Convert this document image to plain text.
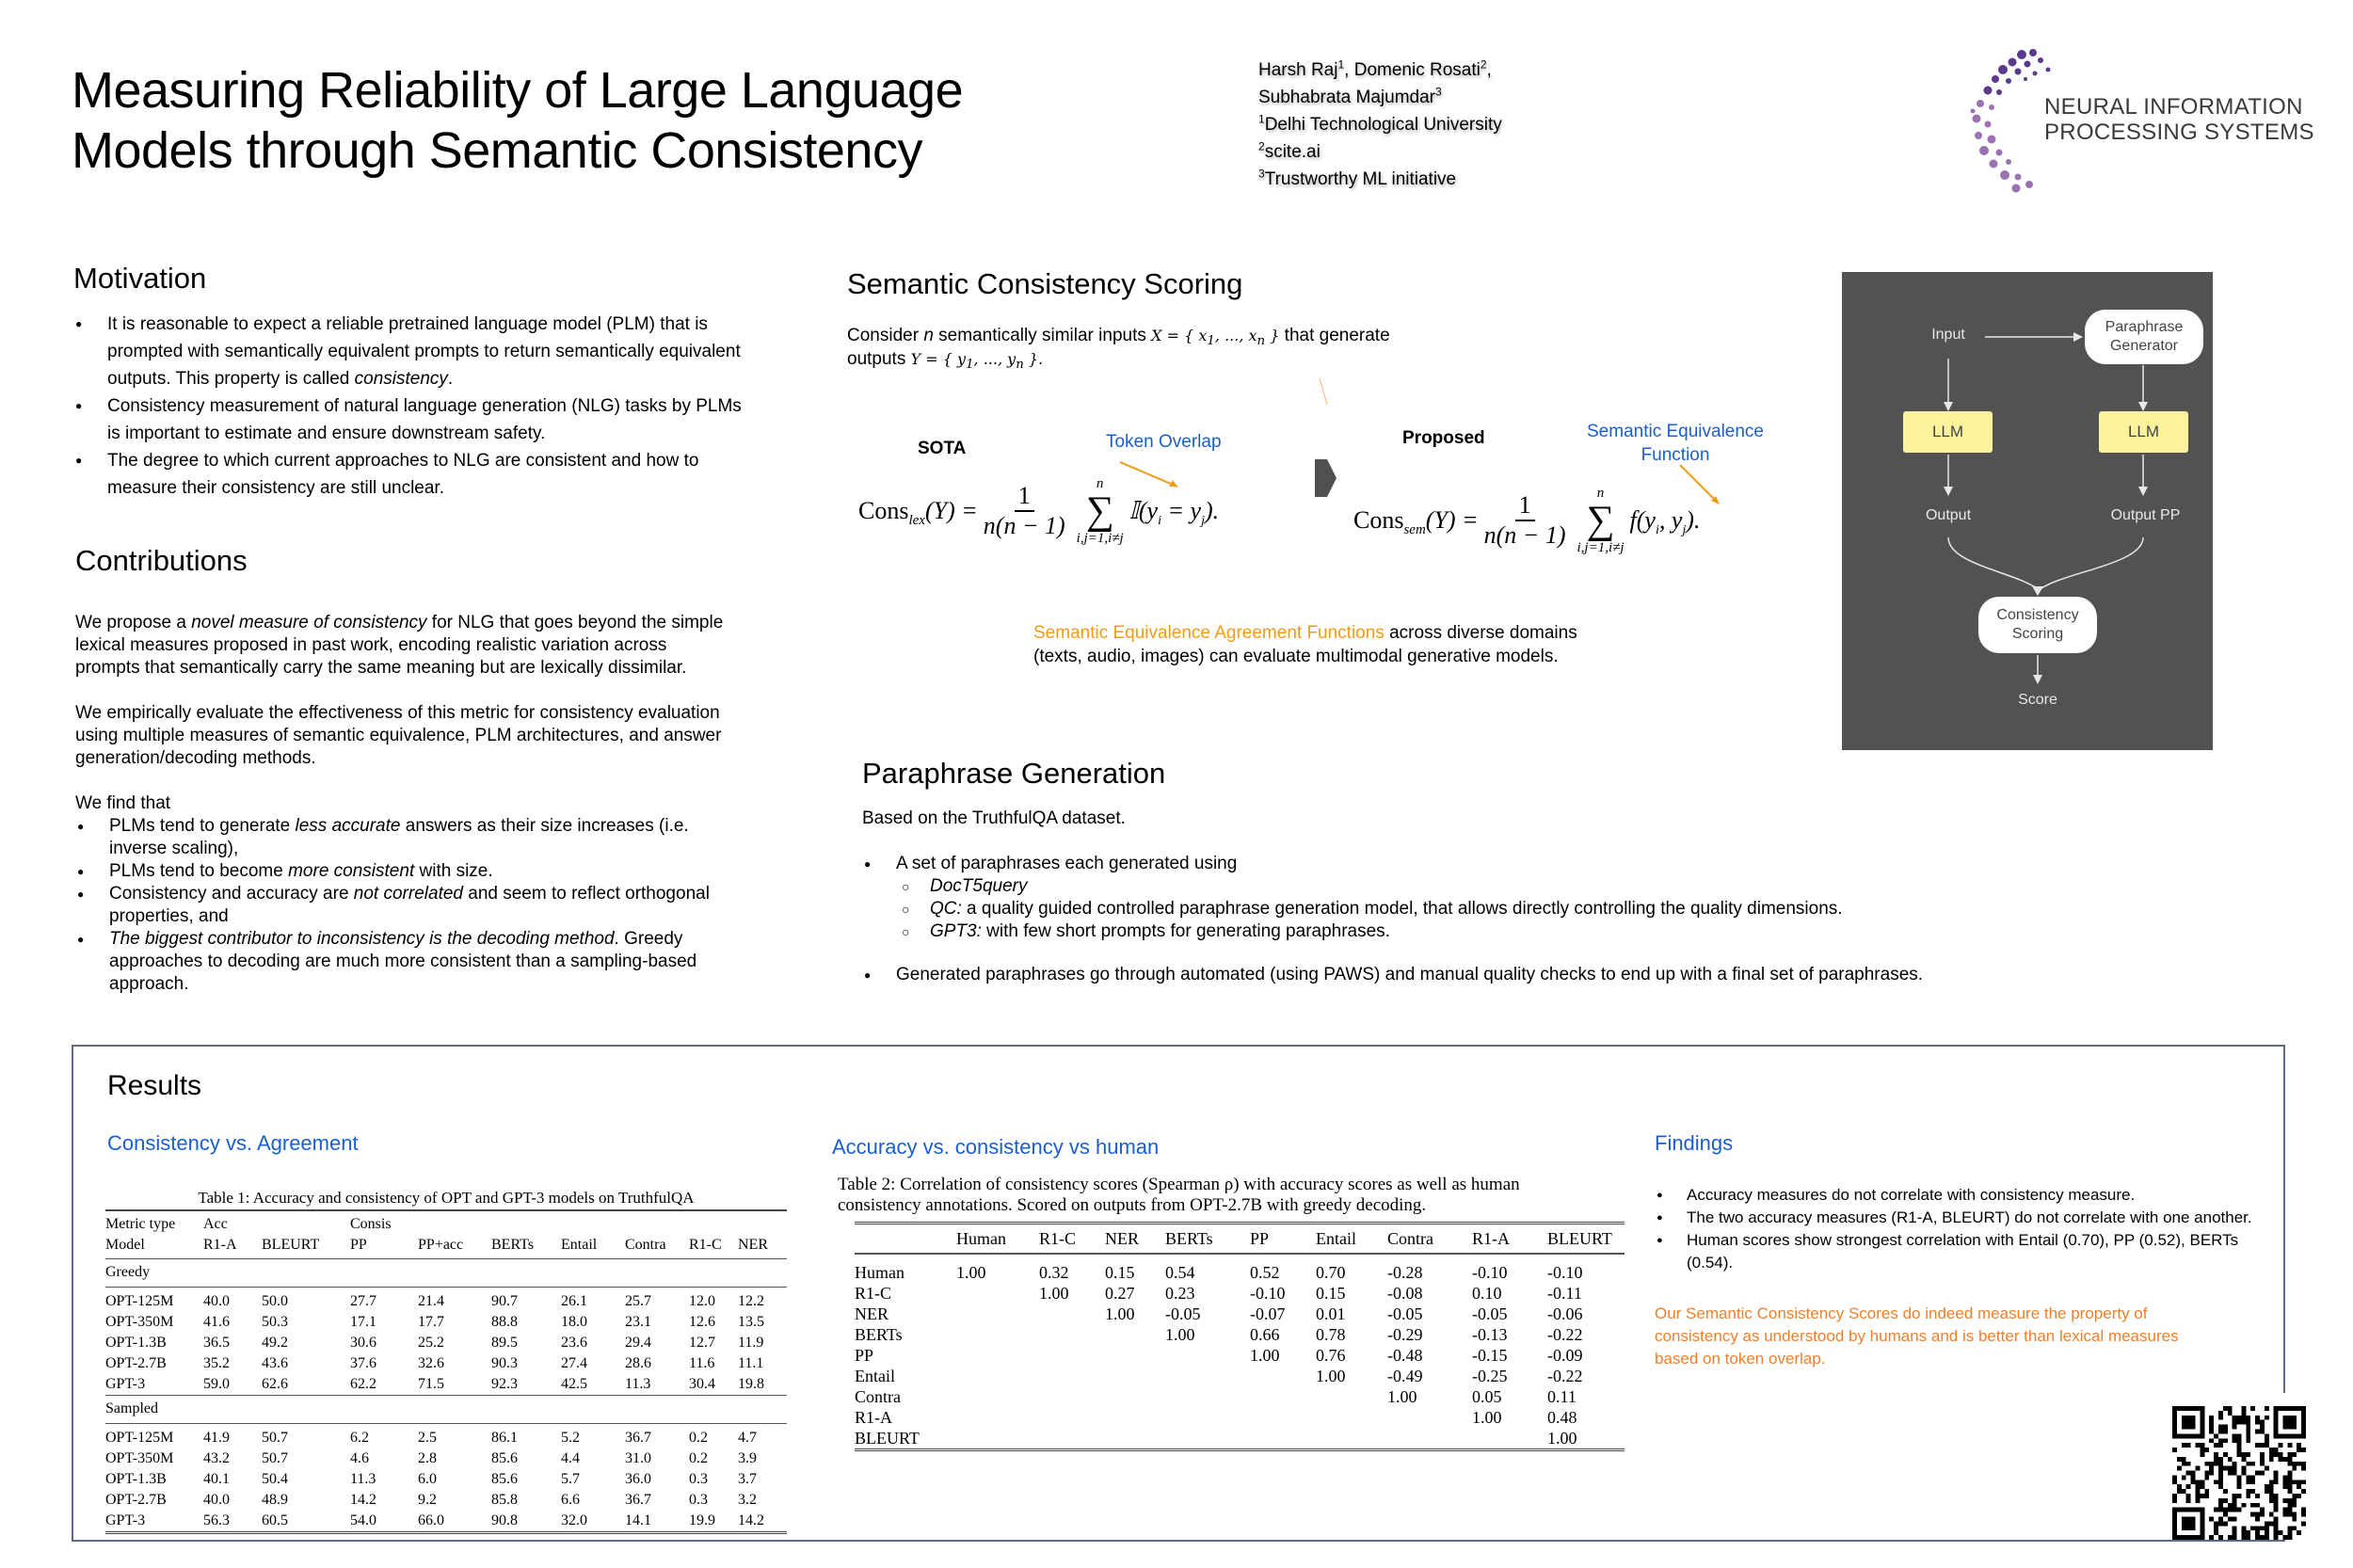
Measuring Reliability of Large Language
Models through Semantic Consistency
Harsh Raj$^1$, Domenic Rosati$^2$,
Subhabrata Majumdar$^3$
$^1$Delhi Technological University
$^2$scite.ai
$^3$Trustworthy ML initiative
NEURAL INFORMATION
PROCESSING SYSTEMS
Motivation
● It is reasonable to expect a reliable pretrained language model (PLM) that is prompted with semantically equivalent prompts to return semantically equivalent outputs. This property is called consistency.
● Consistency measurement of natural language generation (NLG) tasks by PLMs is important to estimate and ensure downstream safety.
● The degree to which current approaches to NLG are consistent and how to measure their consistency are still unclear.
Contributions

We propose a novel measure of consistency for NLG that goes beyond the simple lexical measures proposed in past work, encoding realistic variation across prompts that semantically carry the same meaning but are lexically dissimilar.

We empirically evaluate the effectiveness of this metric for consistency evaluation using multiple measures of semantic equivalence, PLM architectures, and answer generation/decoding methods.

We find that

● PLMs tend to generate less accurate answers as their size increases (i.e. inverse scaling),
● PLMs tend to become more consistent with size.
● Consistency and accuracy are not correlated and seem to reflect orthogonal properties, and
● The biggest contributor to inconsistency is the decoding method. Greedy approaches to decoding are much more consistent than a sampling-based approach.
Semantic Consistency Scoring
Consider n semantically similar inputs X = { $x_1$, ..., $x_n$ } that generate
outputs Y = { $y_1$, ..., $y_n$ }.
SOTA	Token Overlap	Proposed	Semantic Equivalence
Function
Cons$_{lex}$(Y) = $\frac{1}{n(n - 1)}$ n
∑
i,j=1,i≠j
$𝕀(y_i = y_j)$.	Cons$_{sem}$(Y) = $\frac{1}{n(n - 1)}$ n
∑
i,j=1,i≠j
$f(y_i$, $y_j$).
Semantic Equivalence Agreement Functions across diverse domains
(texts, audio, images) can evaluate multimodal generative models.
Input	Paraphrase
Generator
LLM	LLM
Output	Output PP
Consistency
Scoring
Score
Paraphrase Generation
Based on the TruthfulQA dataset.
● A set of paraphrases each generated using
○ DocT5query
○ QC: a quality guided controlled paraphrase generation model, that allows directly controlling the quality dimensions.
○ GPT3: with few short prompts for generating paraphrases.
● Generated paraphrases go through automated (using PAWS) and manual quality checks to end up with a final set of paraphrases.
Results
Consistency vs. Agreement	Accuracy vs. consistency vs human	Findings
Table 1: Accuracy and consistency of OPT and GPT-3 models on TruthfulQA
Metric type	Acc		Consis						
Model	R1-A	BLEURT	PP	PP+acc	BERTs	Entail	Contra	R1-C	NER
Greedy									
OPT-125M	40.0	50.0	27.7	21.4	90.7	26.1	25.7	12.0	12.2
OPT-350M	41.6	50.3	17.1	17.7	88.8	18.0	23.1	12.6	13.5
OPT-1.3B	36.5	49.2	30.6	25.2	89.5	23.6	29.4	12.7	11.9
OPT-2.7B	35.2	43.6	37.6	32.6	90.3	27.4	28.6	11.6	11.1
GPT-3	59.0	62.6	62.2	71.5	92.3	42.5	11.3	30.4	19.8
Sampled									
OPT-125M	41.9	50.7	6.2	2.5	86.1	5.2	36.7	0.2	4.7
OPT-350M	43.2	50.7	4.6	2.8	85.6	4.4	31.0	0.2	3.9
OPT-1.3B	40.1	50.4	11.3	6.0	85.6	5.7	36.0	0.3	3.7
OPT-2.7B	40.0	48.9	14.2	9.2	85.8	6.6	36.7	0.3	3.2
GPT-3	56.3	60.5	54.0	66.0	90.8	32.0	14.1	19.9	14.2
Table 2: Correlation of consistency scores (Spearman ρ) with accuracy scores as well as human
consistency annotations. Scored on outputs from OPT-2.7B with greedy decoding.
	Human	R1-C	NER	BERTs	PP	Entail	Contra	R1-A	BLEURT
Human	1.00	0.32	0.15	0.54	0.52	0.70	-0.28	-0.10	-0.10
R1-C		1.00	0.27	0.23	-0.10	0.15	-0.08	0.10	-0.11
NER			1.00	-0.05	-0.07	0.01	-0.05	-0.05	-0.06
BERTs				1.00	0.66	0.78	-0.29	-0.13	-0.22
PP					1.00	0.76	-0.48	-0.15	-0.09
Entail						1.00	-0.49	-0.25	-0.22
Contra							1.00	0.05	0.11
R1-A								1.00	0.48
BLEURT									1.00
● Accuracy measures do not correlate with consistency measure.
● The two accuracy measures (R1-A, BLEURT) do not correlate with one another.
● Human scores show strongest correlation with Entail (0.70), PP (0.52), BERTs (0.54).
Our Semantic Consistency Scores do indeed measure the property of consistency as understood by humans and is better than lexical measures based on token overlap.
